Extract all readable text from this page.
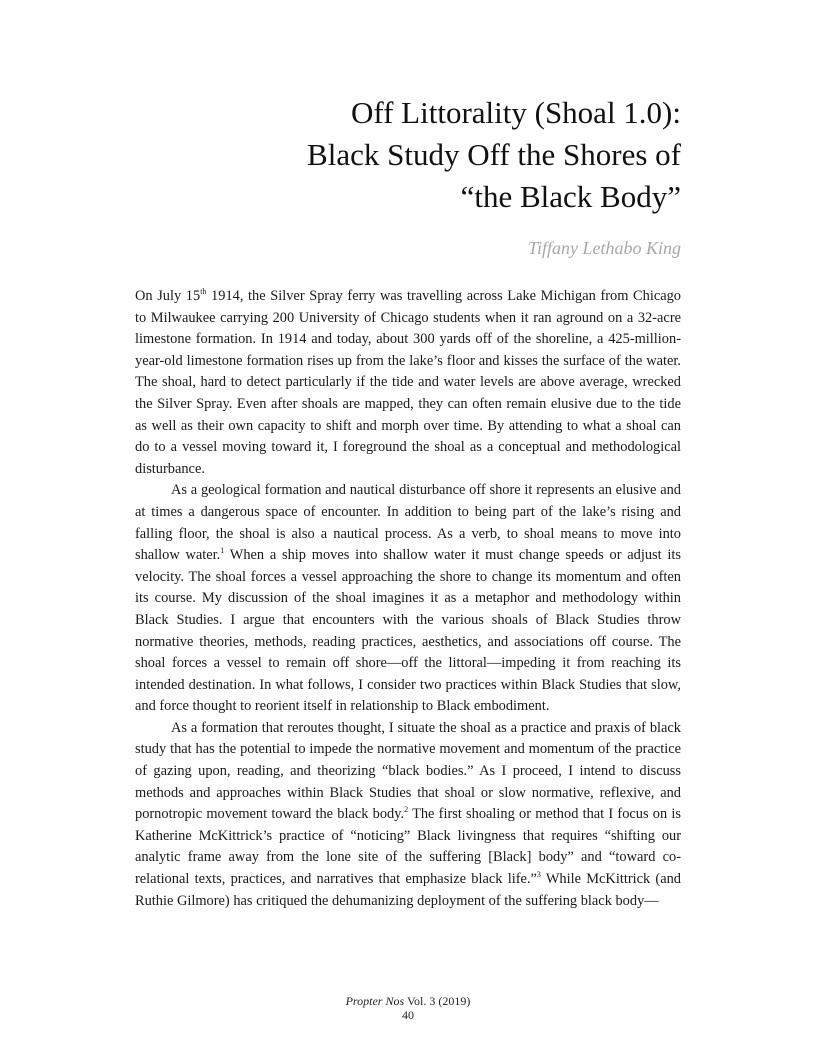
Off Littorality (Shoal 1.0):
Black Study Off the Shores of
“the Black Body”

Tiffany Lethabo King

On July 15th 1914, the Silver Spray ferry was travelling across Lake Michigan from Chicago to Milwaukee carrying 200 University of Chicago students when it ran aground on a 32-acre limestone formation. In 1914 and today, about 300 yards off of the shoreline, a 425-million-year-old limestone formation rises up from the lake’s floor and kisses the surface of the water. The shoal, hard to detect particularly if the tide and water levels are above average, wrecked the Silver Spray. Even after shoals are mapped, they can often remain elusive due to the tide as well as their own capacity to shift and morph over time. By attending to what a shoal can do to a vessel moving toward it, I foreground the shoal as a conceptual and methodological disturbance.

As a geological formation and nautical disturbance off shore it represents an elusive and at times a dangerous space of encounter. In addition to being part of the lake’s rising and falling floor, the shoal is also a nautical process. As a verb, to shoal means to move into shallow water.$^1$ When a ship moves into shallow water it must change speeds or adjust its velocity. The shoal forces a vessel approaching the shore to change its momentum and often its course. My discussion of the shoal imagines it as a metaphor and methodology within Black Studies. I argue that encounters with the various shoals of Black Studies throw normative theories, methods, reading practices, aesthetics, and associations off course. The shoal forces a vessel to remain off shore—off the littoral—impeding it from reaching its intended destination. In what follows, I consider two practices within Black Studies that slow, and force thought to reorient itself in relationship to Black embodiment.

As a formation that reroutes thought, I situate the shoal as a practice and praxis of black study that has the potential to impede the normative movement and momentum of the practice of gazing upon, reading, and theorizing “black bodies.” As I proceed, I intend to discuss methods and approaches within Black Studies that shoal or slow normative, reflexive, and pornotropic movement toward the black body.$^2$ The first shoaling or method that I focus on is Katherine McKittrick’s practice of “noticing” Black livingness that requires “shifting our analytic frame away from the lone site of the suffering [Black] body” and “toward co-relational texts, practices, and narratives that emphasize black life.”$^3$ While McKittrick (and Ruthie Gilmore) has critiqued the dehumanizing deployment of the suffering black body—

Propter Nos Vol. 3 (2019)
40
